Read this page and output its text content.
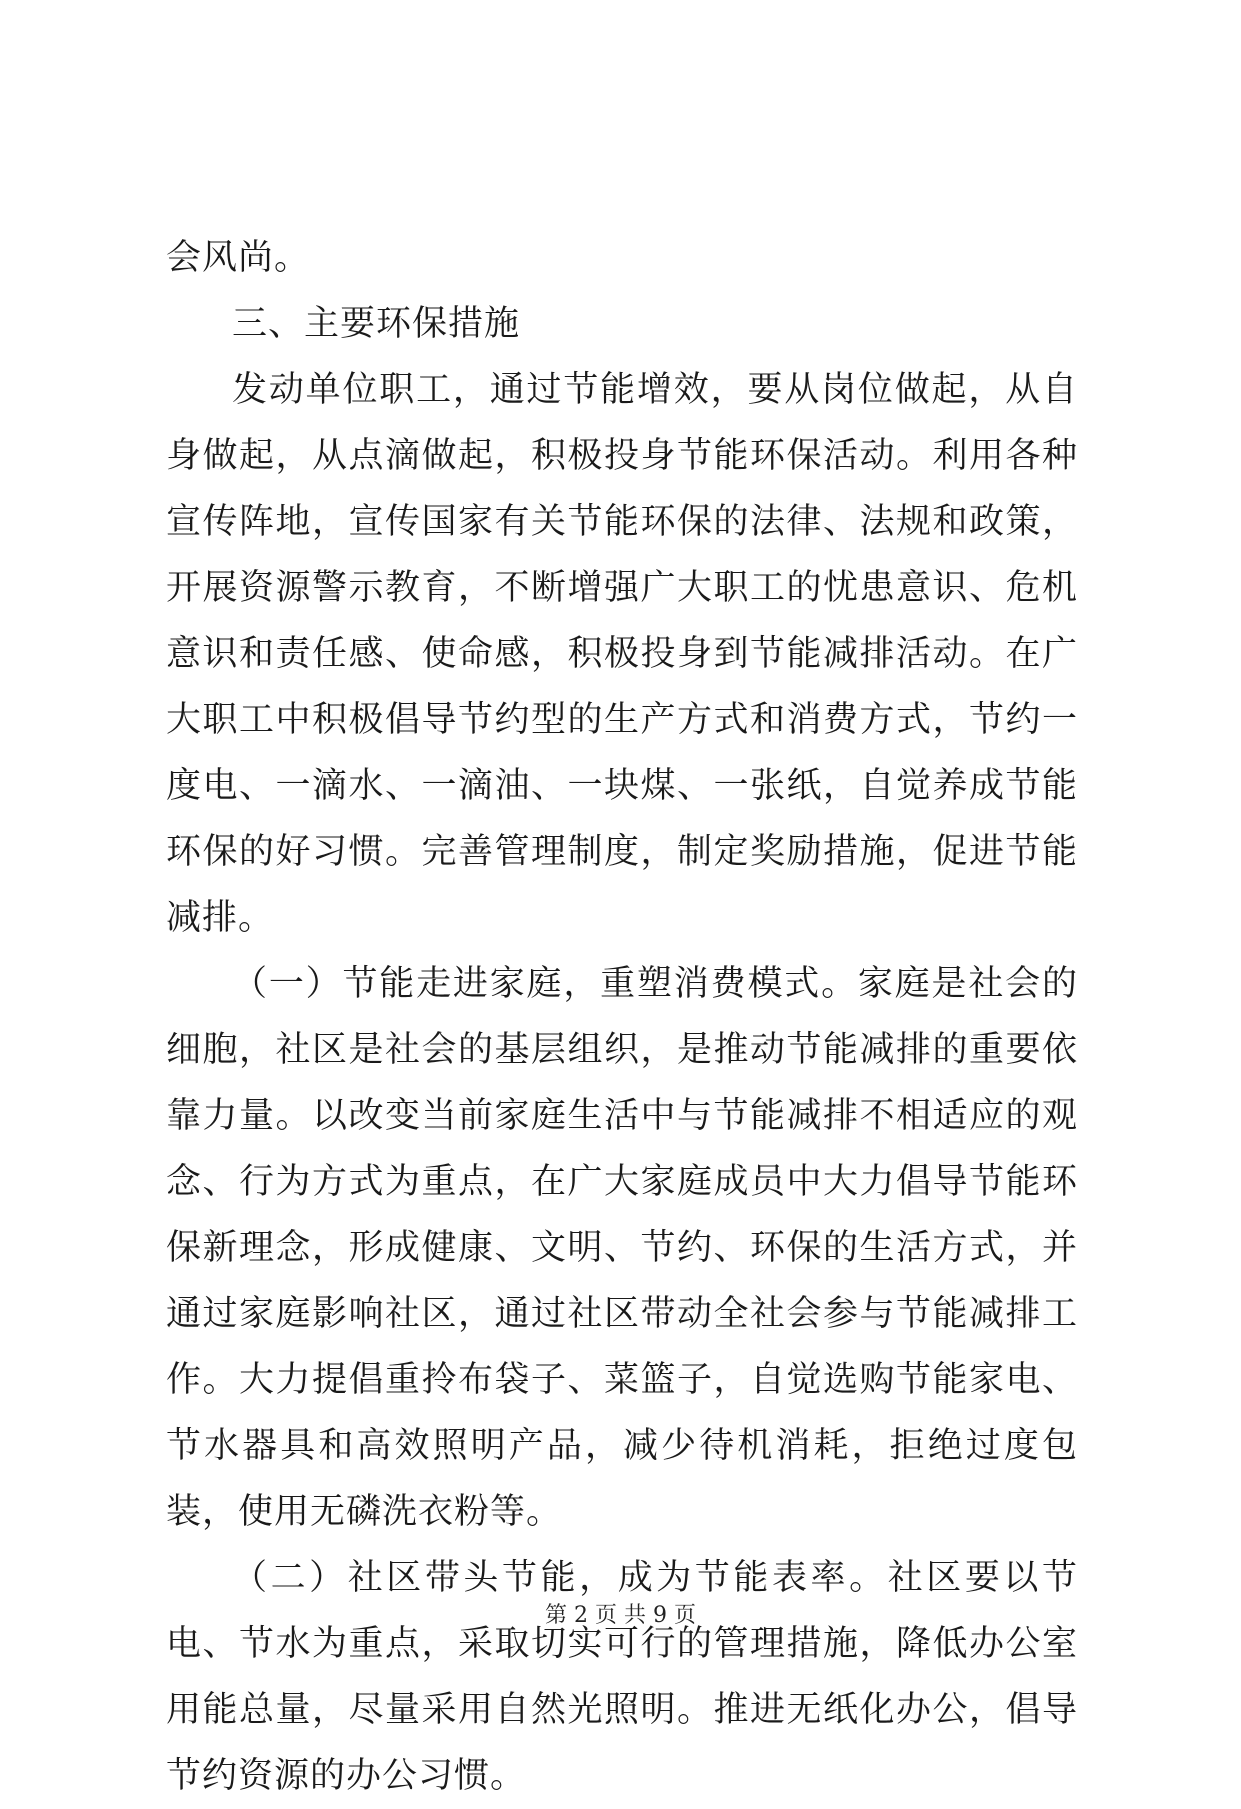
会风尚。

三、主要环保措施

发动单位职工，通过节能增效，要从岗位做起，从自身做起，从点滴做起，积极投身节能环保活动。利用各种宣传阵地，宣传国家有关节能环保的法律、法规和政策，开展资源警示教育，不断增强广大职工的忧患意识、危机意识和责任感、使命感，积极投身到节能减排活动。在广大职工中积极倡导节约型的生产方式和消费方式，节约一度电、一滴水、一滴油、一块煤、一张纸，自觉养成节能环保的好习惯。完善管理制度，制定奖励措施，促进节能减排。

（一）节能走进家庭，重塑消费模式。家庭是社会的细胞，社区是社会的基层组织，是推动节能减排的重要依靠力量。以改变当前家庭生活中与节能减排不相适应的观念、行为方式为重点，在广大家庭成员中大力倡导节能环保新理念，形成健康、文明、节约、环保的生活方式，并通过家庭影响社区，通过社区带动全社会参与节能减排工作。大力提倡重拎布袋子、菜篮子，自觉选购节能家电、节水器具和高效照明产品，减少待机消耗，拒绝过度包装，使用无磷洗衣粉等。

（二）社区带头节能，成为节能表率。社区要以节电、节水为重点，采取切实可行的管理措施，降低办公室用能总量，尽量采用自然光照明。推进无纸化办公，倡导节约资源的办公习惯。

第 2 页 共 9 页
